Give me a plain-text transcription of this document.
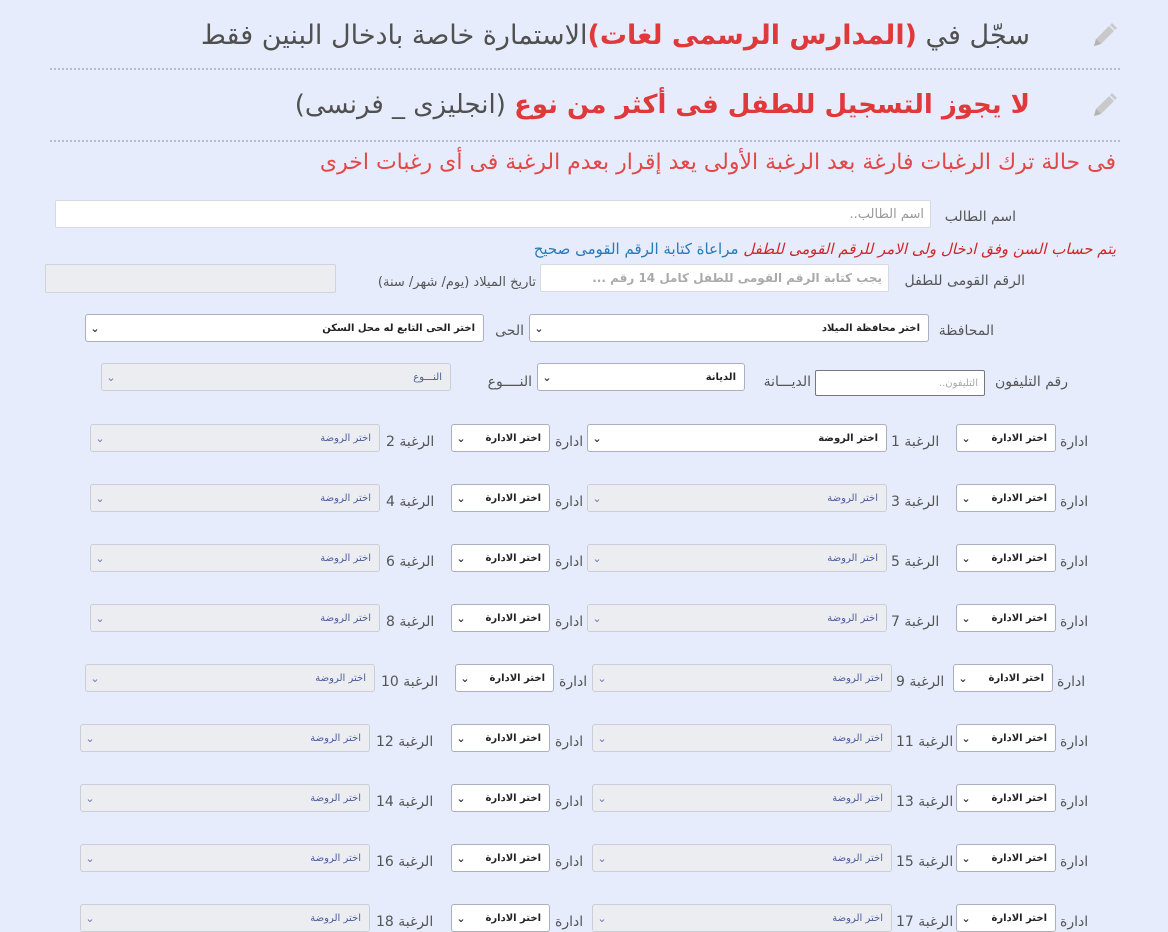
سجّل في (المدارس الرسمى لغات)الاستمارة خاصة بادخال البنين فقط
لا يجوز التسجيل للطفل فى أكثر من نوع (انجليزى _ فرنسى)
فى حالة ترك الرغبات فارغة بعد الرغبة الأولى يعد إقرار بعدم الرغبة فى أى رغبات اخرى
اسم الطالب
اسم الطالب..
يتم حساب السن وفق ادخال ولى الامر للرقم القومى للطفل مراعاة كتابة الرقم القومى صحيح
الرقم القومى للطفل
يجب كتابة الرقم القومى للطفل كامل 14 رقم ...
تاريخ الميلاد (يوم/ شهر/ سنة)
المحافظة
اختر محافظة الميلاد
⌄
الحى
اختر الحى التابع له محل السكن
⌄
رقم التليفون
التليفون..
الديـــانة
الديانة
⌄
النــــوع
النـــوع
⌄
ادارة
اختر الادارة
⌄
الرغبة 1
اختر الروضة
⌄
ادارة
اختر الادارة
⌄
الرغبة 2
اختر الروضة
⌄
ادارة
اختر الادارة
⌄
الرغبة 3
اختر الروضة
⌄
ادارة
اختر الادارة
⌄
الرغبة 4
اختر الروضة
⌄
ادارة
اختر الادارة
⌄
الرغبة 5
اختر الروضة
⌄
ادارة
اختر الادارة
⌄
الرغبة 6
اختر الروضة
⌄
ادارة
اختر الادارة
⌄
الرغبة 7
اختر الروضة
⌄
ادارة
اختر الادارة
⌄
الرغبة 8
اختر الروضة
⌄
ادارة
اختر الادارة
⌄
الرغبة 9
اختر الروضة
⌄
ادارة
اختر الادارة
⌄
الرغبة 10
اختر الروضة
⌄
ادارة
اختر الادارة
⌄
الرغبة 11
اختر الروضة
⌄
ادارة
اختر الادارة
⌄
الرغبة 12
اختر الروضة
⌄
ادارة
اختر الادارة
⌄
الرغبة 13
اختر الروضة
⌄
ادارة
اختر الادارة
⌄
الرغبة 14
اختر الروضة
⌄
ادارة
اختر الادارة
⌄
الرغبة 15
اختر الروضة
⌄
ادارة
اختر الادارة
⌄
الرغبة 16
اختر الروضة
⌄
ادارة
اختر الادارة
⌄
الرغبة 17
اختر الروضة
⌄
ادارة
اختر الادارة
⌄
الرغبة 18
اختر الروضة
⌄
